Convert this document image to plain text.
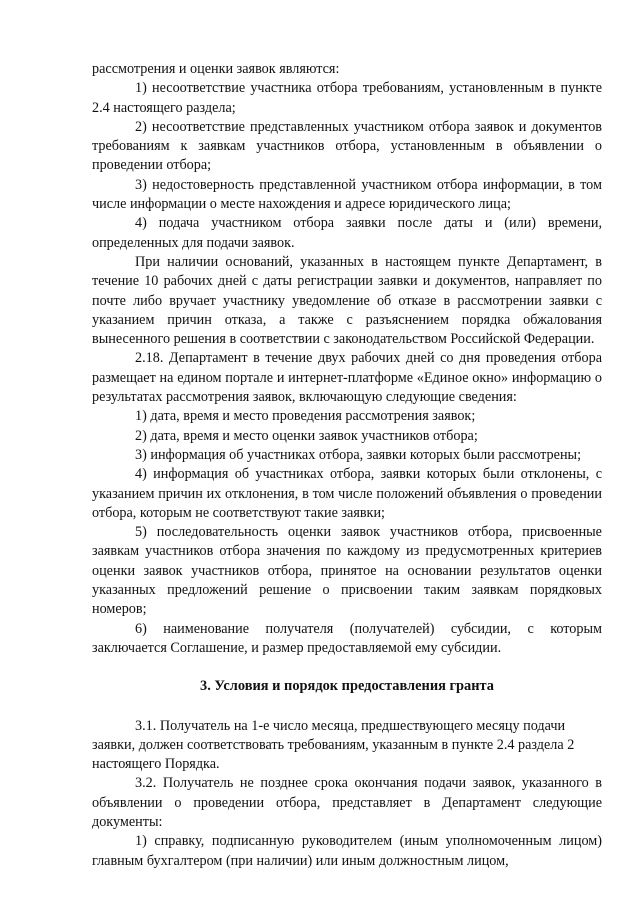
рассмотрения и оценки заявок являются:

1) несоответствие участника отбора требованиям, установленным в пункте 2.4 настоящего раздела;

2) несоответствие представленных участником отбора заявок и документов требованиям к заявкам участников отбора, установленным в объявлении о проведении отбора;

3) недостоверность представленной участником отбора информации, в том числе информации о месте нахождения и адресе юридического лица;

4) подача участником отбора заявки после даты и (или) времени, определенных для подачи заявок.

При наличии оснований, указанных в настоящем пункте Департамент, в течение 10 рабочих дней с даты регистрации заявки и документов, направляет по почте либо вручает участнику уведомление об отказе в рассмотрении заявки с указанием причин отказа, а также с разъяснением порядка обжалования вынесенного решения в соответствии с законодательством Российской Федерации.

2.18. Департамент в течение двух рабочих дней со дня проведения отбора размещает на едином портале и интернет-платформе «Единое окно» информацию о результатах рассмотрения заявок, включающую следующие сведения:

1) дата, время и место проведения рассмотрения заявок;

2) дата, время и место оценки заявок участников отбора;

3) информация об участниках отбора, заявки которых были рассмотрены;

4) информация об участниках отбора, заявки которых были отклонены, с указанием причин их отклонения, в том числе положений объявления о проведении отбора, которым не соответствуют такие заявки;

5) последовательность оценки заявок участников отбора, присвоенные заявкам участников отбора значения по каждому из предусмотренных критериев оценки заявок участников отбора, принятое на основании результатов оценки указанных предложений решение о присвоении таким заявкам порядковых номеров;

6) наименование получателя (получателей) субсидии, с которым заключается Соглашение, и размер предоставляемой ему субсидии.

3. Условия и порядок предоставления гранта

3.1. Получатель на 1-е число месяца, предшествующего месяцу подачи заявки, должен соответствовать требованиям, указанным в пункте 2.4 раздела 2 настоящего Порядка.

3.2. Получатель не позднее срока окончания подачи заявок, указанного в объявлении о проведении отбора, представляет в Департамент следующие документы:

1) справку, подписанную руководителем (иным уполномоченным лицом) главным бухгалтером (при наличии) или иным должностным лицом,
